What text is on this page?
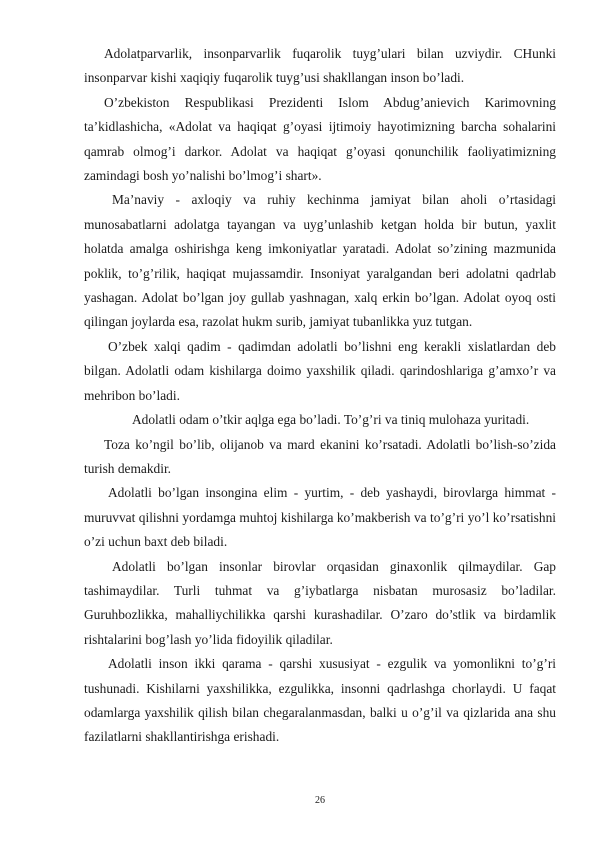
Adolatparvarlik, insonparvarlik fuqarolik tuyg’ulari bilan uzviydir. CHunki insonparvar kishi xaqiqiy fuqarolik tuyg’usi shakllangan inson bo’ladi.

O’zbekiston Respublikasi Prezidenti Islom Abdug’anievich Karimovning ta’kidlashicha, «Adolat va haqiqat g’oyasi ijtimoiy hayotimizning barcha sohalarini qamrab olmog’i darkor. Adolat va haqiqat g’oyasi qonunchilik faoliyatimizning zamindagi bosh yo’nalishi bo’lmog’i shart».

Ma’naviy - axloqiy va ruhiy kechinma jamiyat bilan aholi o’rtasidagi munosabatlarni adolatga tayangan va uyg’unlashib ketgan holda bir butun, yaxlit holatda amalga oshirishga keng imkoniyatlar yaratadi. Adolat so’zining mazmunida poklik, to’g’rilik, haqiqat mujassamdir. Insoniyat yaralgandan beri adolatni qadrlab yashagan. Adolat bo’lgan joy gullab yashnagan, xalq erkin bo’lgan. Adolat oyoq osti qilingan joylarda esa, razolat hukm surib, jamiyat tubanlikka yuz tutgan.

O’zbek xalqi qadim - qadimdan adolatli bo’lishni eng kerakli xislatlardan deb bilgan. Adolatli odam kishilarga doimo yaxshilik qiladi. qarindoshlariga g’amxo’r va mehribon bo’ladi.

Adolatli odam o’tkir aqlga ega bo’ladi. To’g’ri va tiniq mulohaza yuritadi.

Toza ko’ngil bo’lib, olijanob va mard ekanini ko’rsatadi. Adolatli bo’lish-so’zida turish demakdir.

Adolatli bo’lgan insongina elim - yurtim, - deb yashaydi, birovlarga himmat - muruvvat qilishni yordamga muhtoj kishilarga ko’makberish va to’g’ri yo’l ko’rsatishni o’zi uchun baxt deb biladi.

Adolatli bo’lgan insonlar birovlar orqasidan ginaxonlik qilmaydilar. Gap tashimaydilar. Turli tuhmat va g’iybatlarga nisbatan murosasiz bo’ladilar. Guruhbozlikka, mahalliychilikka qarshi kurashadilar. O’zaro do’stlik va birdamlik rishtalarini bog’lash yo’lida fidoyilik qiladilar.

Adolatli inson ikki qarama - qarshi xususiyat - ezgulik va yomonlikni to’g’ri tushunadi. Kishilarni yaxshilikka, ezgulikka, insonni qadrlashga chorlaydi. U faqat odamlarga yaxshilik qilish bilan chegaralanmasdan, balki u o’g’il va qizlarida ana shu fazilatlarni shakllantirishga erishadi.

26
